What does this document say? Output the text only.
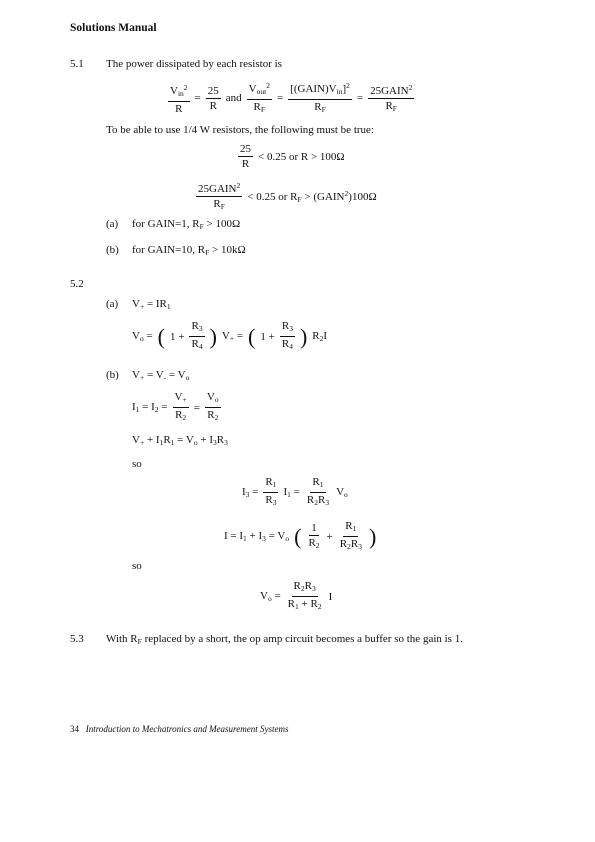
Solutions Manual
5.1 The power dissipated by each resistor is
$\frac{V_{in}^2}{R} = \frac{25}{R}$ and $\frac{V_{out}^2}{R_F} = \frac{[(GAIN)V_{in}]^2}{R_F} = \frac{25GAIN^2}{R_F}$
To be able to use 1/4 W resistors, the following must be true:
$\frac{25}{R} < 0.25$ or R > 100Ω
$\frac{25GAIN^2}{R_F} < 0.25$ or $R_F$ > $(GAIN^2)100\Omega$
(a) for GAIN=1, $R_F > 100\Omega$
(b) for GAIN=10, $R_F > 10k\Omega$
5.2
(a) $V_+ = IR_1$
$V_o$ = ( $1 + \frac{R_3}{R_4}$ ) $V_+$ = ( $1 + \frac{R_3}{R_4}$ ) $R_2I$
(b) $V_+ = V_- = V_o$
$I_1 = I_2 = \frac{V_+}{R_2} = \frac{V_o}{R_2}$
$V_+ + I_1R_1 = V_o + I_3R_3$
so
$I_3 = \frac{R_1}{R_3} I_1 = \frac{R_1}{R_2R_3} V_o$
$I = I_1 + I_3 = V_o$ ( $\frac{1}{R_2} + \frac{R_1}{R_2R_3}$ )
so
$V_o = \frac{R_2R_3}{R_1 + R_2}$ I
5.3 With $R_F$ replaced by a short, the op amp circuit becomes a buffer so the gain is 1.
34 Introduction to Mechatronics and Measurement Systems
